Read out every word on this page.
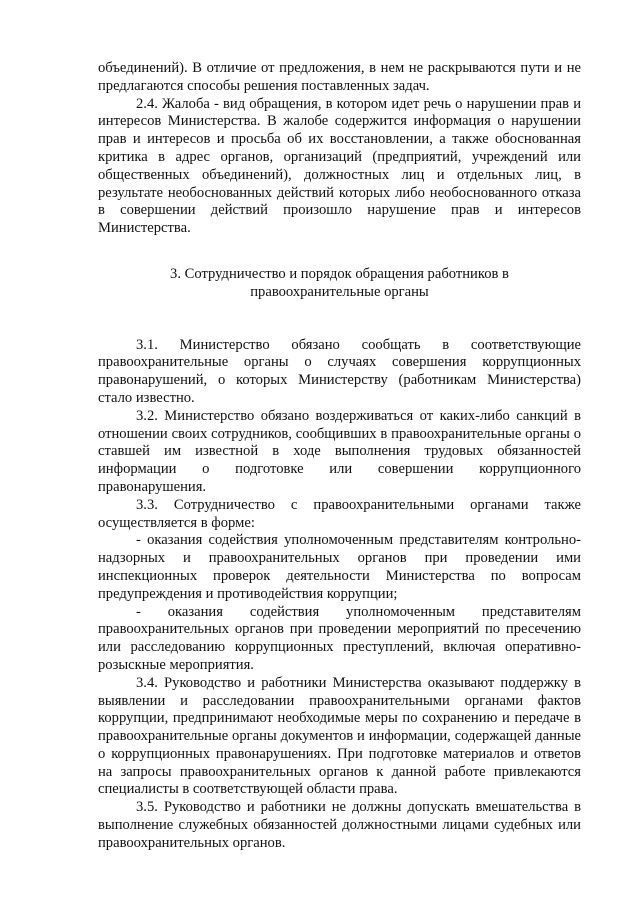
объединений). В отличие от предложения, в нем не раскрываются пути и не предлагаются способы решения поставленных задач.

2.4. Жалоба - вид обращения, в котором идет речь о нарушении прав и интересов Министерства. В жалобе содержится информация о нарушении прав и интересов и просьба об их восстановлении, а также обоснованная критика в адрес органов, организаций (предприятий, учреждений или общественных объединений), должностных лиц и отдельных лиц, в результате необоснованных действий которых либо необоснованного отказа в совершении действий произошло нарушение прав и интересов Министерства.

3. Сотрудничество и порядок обращения работников в правоохранительные органы

3.1. Министерство обязано сообщать в соответствующие правоохранительные органы о случаях совершения коррупционных правонарушений, о которых Министерству (работникам Министерства) стало известно.

3.2. Министерство обязано воздерживаться от каких-либо санкций в отношении своих сотрудников, сообщивших в правоохранительные органы о ставшей им известной в ходе выполнения трудовых обязанностей информации о подготовке или совершении коррупционного правонарушения.

3.3. Сотрудничество с правоохранительными органами также осуществляется в форме:

- оказания содействия уполномоченным представителям контрольно-надзорных и правоохранительных органов при проведении ими инспекционных проверок деятельности Министерства по вопросам предупреждения и противодействия коррупции;

- оказания содействия уполномоченным представителям правоохранительных органов при проведении мероприятий по пресечению или расследованию коррупционных преступлений, включая оперативно-розыскные мероприятия.

3.4. Руководство и работники Министерства оказывают поддержку в выявлении и расследовании правоохранительными органами фактов коррупции, предпринимают необходимые меры по сохранению и передаче в правоохранительные органы документов и информации, содержащей данные о коррупционных правонарушениях. При подготовке материалов и ответов на запросы правоохранительных органов к данной работе привлекаются специалисты в соответствующей области права.

3.5. Руководство и работники не должны допускать вмешательства в выполнение служебных обязанностей должностными лицами судебных или правоохранительных органов.
